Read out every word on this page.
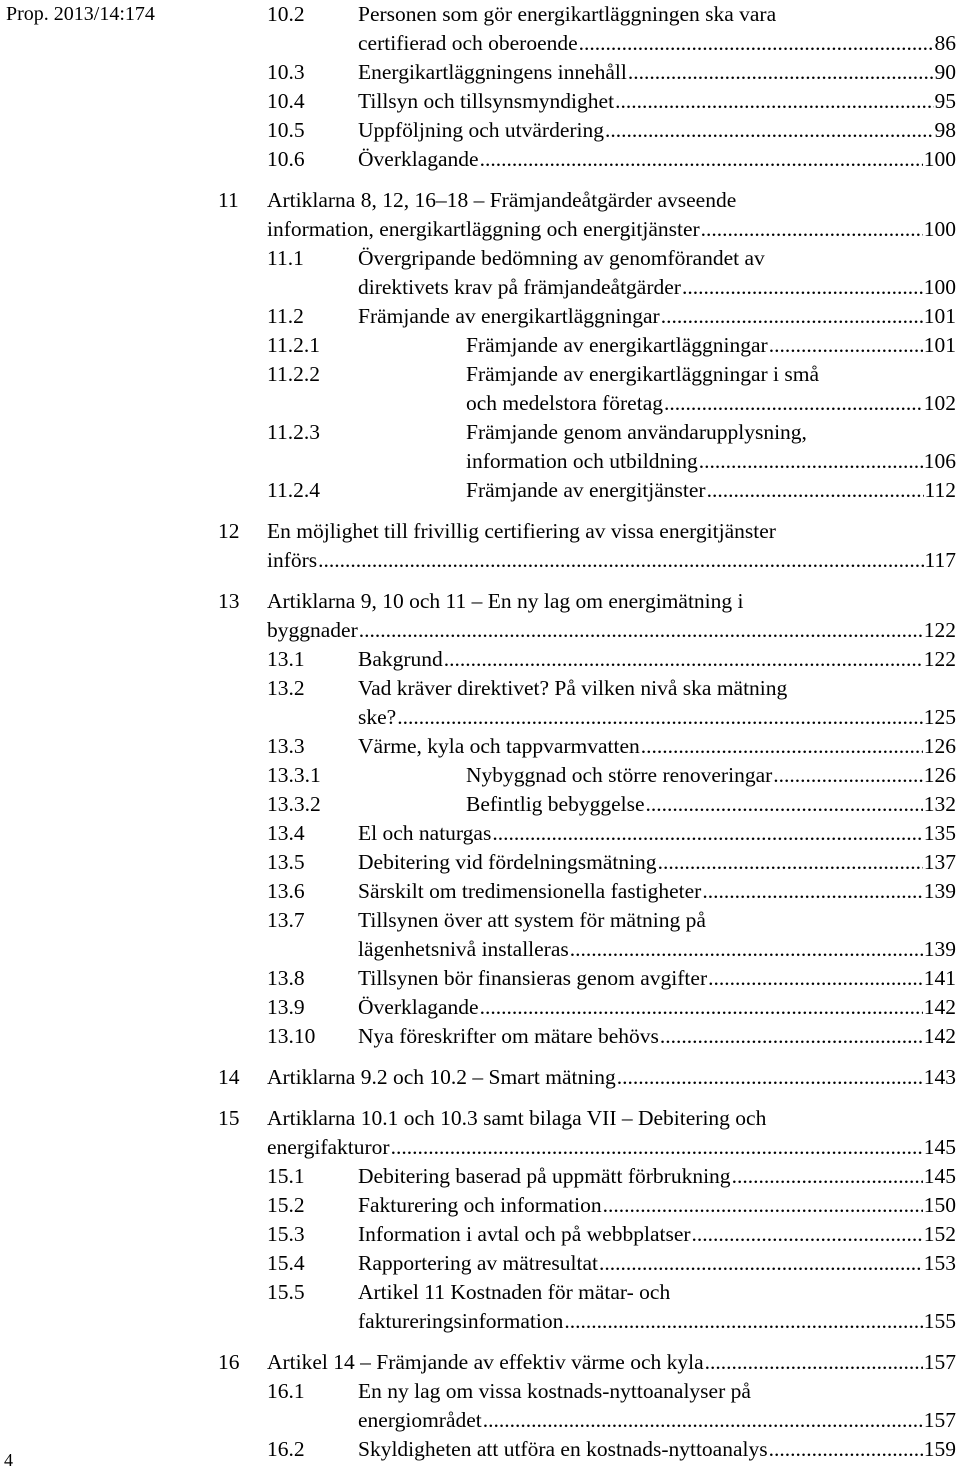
Prop. 2013/14:174
4
10.2 Personen som gör energikartläggningen ska vara
certifierad och oberoende .....	86
10.3 Energikartläggningens innehåll .....	90
10.4 Tillsyn och tillsynsmyndighet .....	95
10.5 Uppföljning och utvärdering .....	98
10.6 Överklagande .....	100
11 Artiklarna 8, 12, 16–18 – Främjandeåtgärder avseende
information, energikartläggning och energitjänster .....	100
11.1	Övergripande bedömning av genomförandet av
direktivets krav på främjandeåtgärder .....	100
11.2	Främjande av energikartläggningar .....	101
11.2.1	Främjande av energikartläggningar .....	101
11.2.2	Främjande av energikartläggningar i små
och medelstora företag .....	102
11.2.3	Främjande genom användarupplysning,
information och utbildning .....	106
11.2.4	Främjande av energitjänster .....	112
12 En möjlighet till frivillig certifiering av vissa energitjänster
införs .....	117
13 Artiklarna 9, 10 och 11 – En ny lag om energimätning i
byggnader .....	122
13.1 Bakgrund .....	122
13.2 Vad kräver direktivet? På vilken nivå ska mätning
ske? .....	125
13.3 Värme, kyla och tappvarmvatten .....	126
13.3.1	Nybyggnad och större renoveringar .....	126
13.3.2	Befintlig bebyggelse .....	132
13.4 El och naturgas .....	135
13.5 Debitering vid fördelningsmätning .....	137
13.6 Särskilt om tredimensionella fastigheter .....	139
13.7 Tillsynen över att system för mätning på
lägenhetsnivå installeras .....	139
13.8 Tillsynen bör finansieras genom avgifter .....	141
13.9 Överklagande .....	142
13.10 Nya föreskrifter om mätare behövs .....	142
14 Artiklarna 9.2 och 10.2 – Smart mätning .....	143
15 Artiklarna 10.1 och 10.3 samt bilaga VII – Debitering och
energifakturor .....	145
15.1 Debitering baserad på uppmätt förbrukning .....	145
15.2 Fakturering och information .....	150
15.3 Information i avtal och på webbplatser .....	152
15.4 Rapportering av mätresultat .....	153
15.5 Artikel 11 Kostnaden för mätar- och
faktureringsinformation .....	155
16 Artikel 14 – Främjande av effektiv värme och kyla .....	157
16.1 En ny lag om vissa kostnads-nyttoanalyser på
energiområdet .....	157
16.2 Skyldigheten att utföra en kostnads-nyttoanalys .....	159
